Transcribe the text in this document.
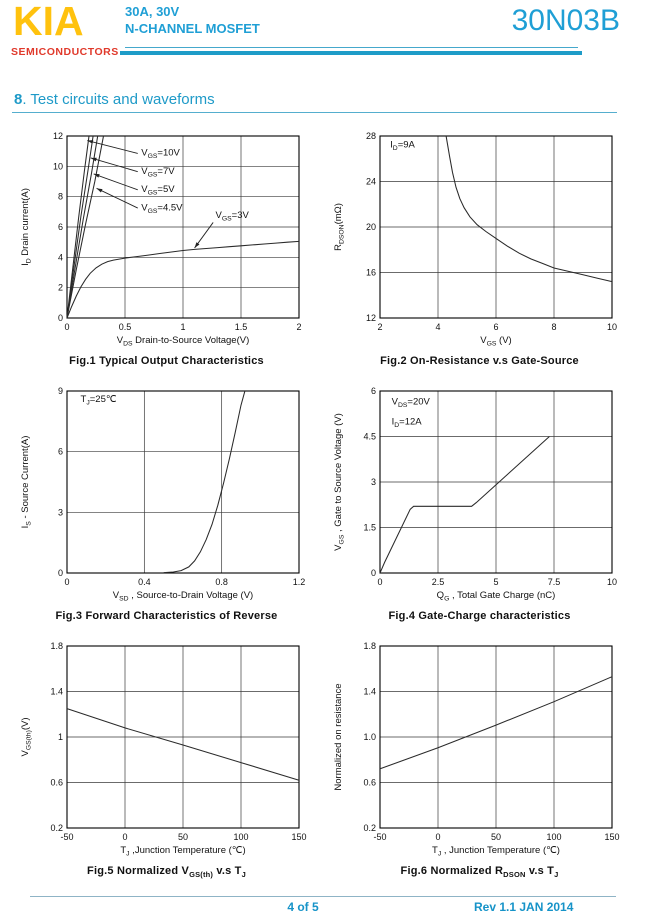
KIA
SEMICONDUCTORS
30A, 30V
N-CHANNEL MOSFET	30N03B
8. Test circuits and waveforms
0	0.5	1	1.5	2
0
2
4
6
8
10
12
$V_{DS}$ Drain-to-Source Voltage(V)
$I_D$ Drain current(A)
$V_{GS}=10V$
$V_{GS}=7V$
$V_{GS}=5V$
$V_{GS}=4.5V$
$V_{GS}=3V$
Fig.1 Typical Output Characteristics
2	4	6	8	10
12
16
20
24
28
$V_{GS}$ (V)
$R_{DSON}(m\Omega)$
$I_D=9A$
Fig.2 On-Resistance v.s Gate-Source
0	0.4	0.8	1.2
0
3
6
9
$V_{SD}$ , Source-to-Drain Voltage (V)
$I_S$ - Source Current(A)
$T_J=25℃$
Fig.3 Forward Characteristics of Reverse
0	2.5	5	7.5	10
0
1.5
3
4.5
6
$Q_G$ , Total Gate Charge (nC)
$V_{GS}$ , Gate to Source Voltage (V)
$V_{DS}=20V$
$I_D=12A$
Fig.4 Gate-Charge characteristics
-50	0	50	100	150
0.2
0.6
1
1.4
1.8
$T_J$ ,Junction Temperature (℃)
$V_{GS(th)}(V)$
Fig.5 Normalized $V_{GS(th)}$ v.s $T_J$
-50	0	50	100	150
0.2
0.6
1.0
1.4
1.8
$T_J$ , Junction Temperature (℃)
Normalized on resistance
Fig.6 Normalized $R_{DSON}$ v.s $T_J$
4 of 5	Rev 1.1 JAN 2014
